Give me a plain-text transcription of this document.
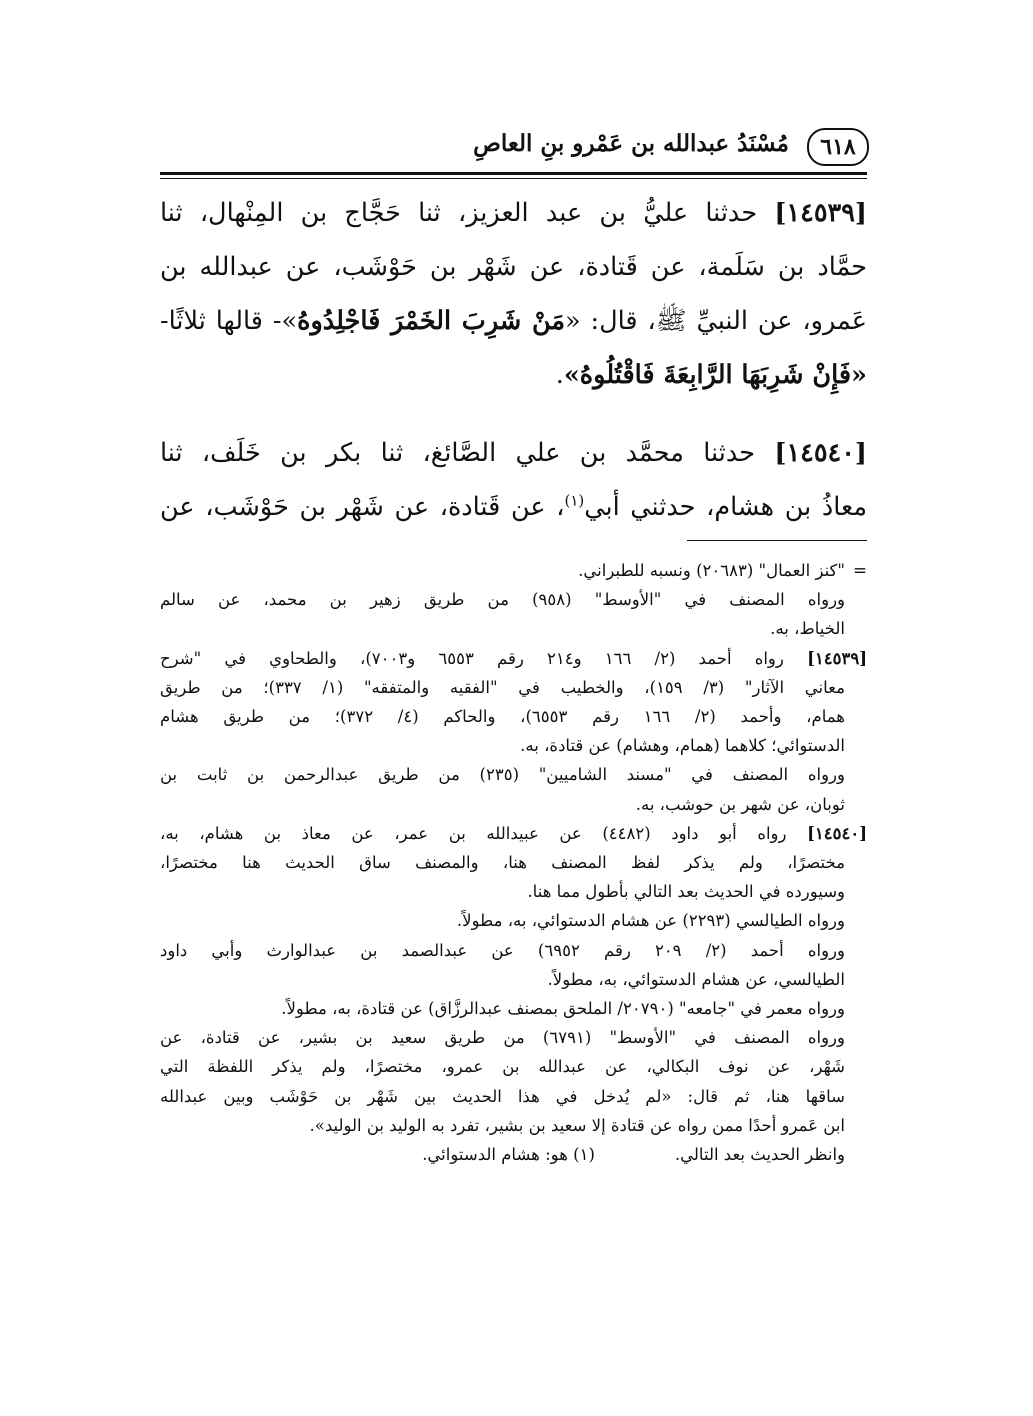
٦١٨
مُسْنَدُ عبدالله بن عَمْرو بنِ العاصِ

[١٤٥٣٩] حدثنا عليُّ بن عبد العزيز، ثنا حَجَّاج بن المِنْهال، ثنا
حمَّاد بن سَلَمة، عن قَتادة، عن شَهْر بن حَوْشَب، عن عبدالله بن
عَمرو، عن النبيِّ ﷺ، قال: «مَنْ شَرِبَ الخَمْرَ فَاجْلِدُوهُ»- قالها ثلاثًا-
«فَإِنْ شَرِبَهَا الرَّابِعَةَ فَاقْتُلُوهُ».

[١٤٥٤٠] حدثنا محمَّد بن علي الصَّائغ، ثنا بكر بن خَلَف، ثنا
معاذُ بن هشام، حدثني أبي$^{(١)}$، عن قَتادة، عن شَهْر بن حَوْشَب، عن

=
"كنز العمال" (٢٠٦٨٣) ونسبه للطبراني.
ورواه المصنف في "الأوسط" (٩٥٨) من طريق زهير بن محمد، عن سالم
الخياط، به.
[١٤٥٣٩] رواه أحمد (٢/ ١٦٦ و٢١٤ رقم ٦٥٥٣ و٧٠٠٣)، والطحاوي في "شرح
معاني الآثار" (٣/ ١٥٩)، والخطيب في "الفقيه والمتفقه" (١/ ٣٣٧)؛ من طريق
همام، وأحمد (٢/ ١٦٦ رقم ٦٥٥٣)، والحاكم (٤/ ٣٧٢)؛ من طريق هشام
الدستوائي؛ كلاهما (همام، وهشام) عن قتادة، به.
ورواه المصنف في "مسند الشاميين" (٢٣٥) من طريق عبدالرحمن بن ثابت بن
ثوبان، عن شهر بن حوشب، به.
[١٤٥٤٠] رواه أبو داود (٤٤٨٢) عن عبيدالله بن عمر، عن معاذ بن هشام، به،
مختصرًا، ولم يذكر لفظ المصنف هنا، والمصنف ساق الحديث هنا مختصرًا،
وسيورده في الحديث بعد التالي بأطول مما هنا.
ورواه الطيالسي (٢٢٩٣) عن هشام الدستوائي، به، مطولاً.
ورواه أحمد (٢/ ٢٠٩ رقم ٦٩٥٢) عن عبدالصمد بن عبدالوارث وأبي داود
الطيالسي، عن هشام الدستوائي، به، مطولاً.
ورواه معمر في "جامعه" (٢٠٧٩٠/ الملحق بمصنف عبدالرزَّاق) عن قتادة، به، مطولاً.
ورواه المصنف في "الأوسط" (٦٧٩١) من طريق سعيد بن بشير، عن قتادة، عن
شَهْر، عن نوف البكالي، عن عبدالله بن عمرو، مختصرًا، ولم يذكر اللفظة التي
ساقها هنا، ثم قال: «لم يُدخل في هذا الحديث بين شَهْر بن حَوْشَب وبين عبدالله
ابن عَمرو أحدًا ممن رواه عن قتادة إلا سعيد بن بشير، تفرد به الوليد بن الوليد».
وانظر الحديث بعد التالي.
(١) هو: هشام الدستوائي.
